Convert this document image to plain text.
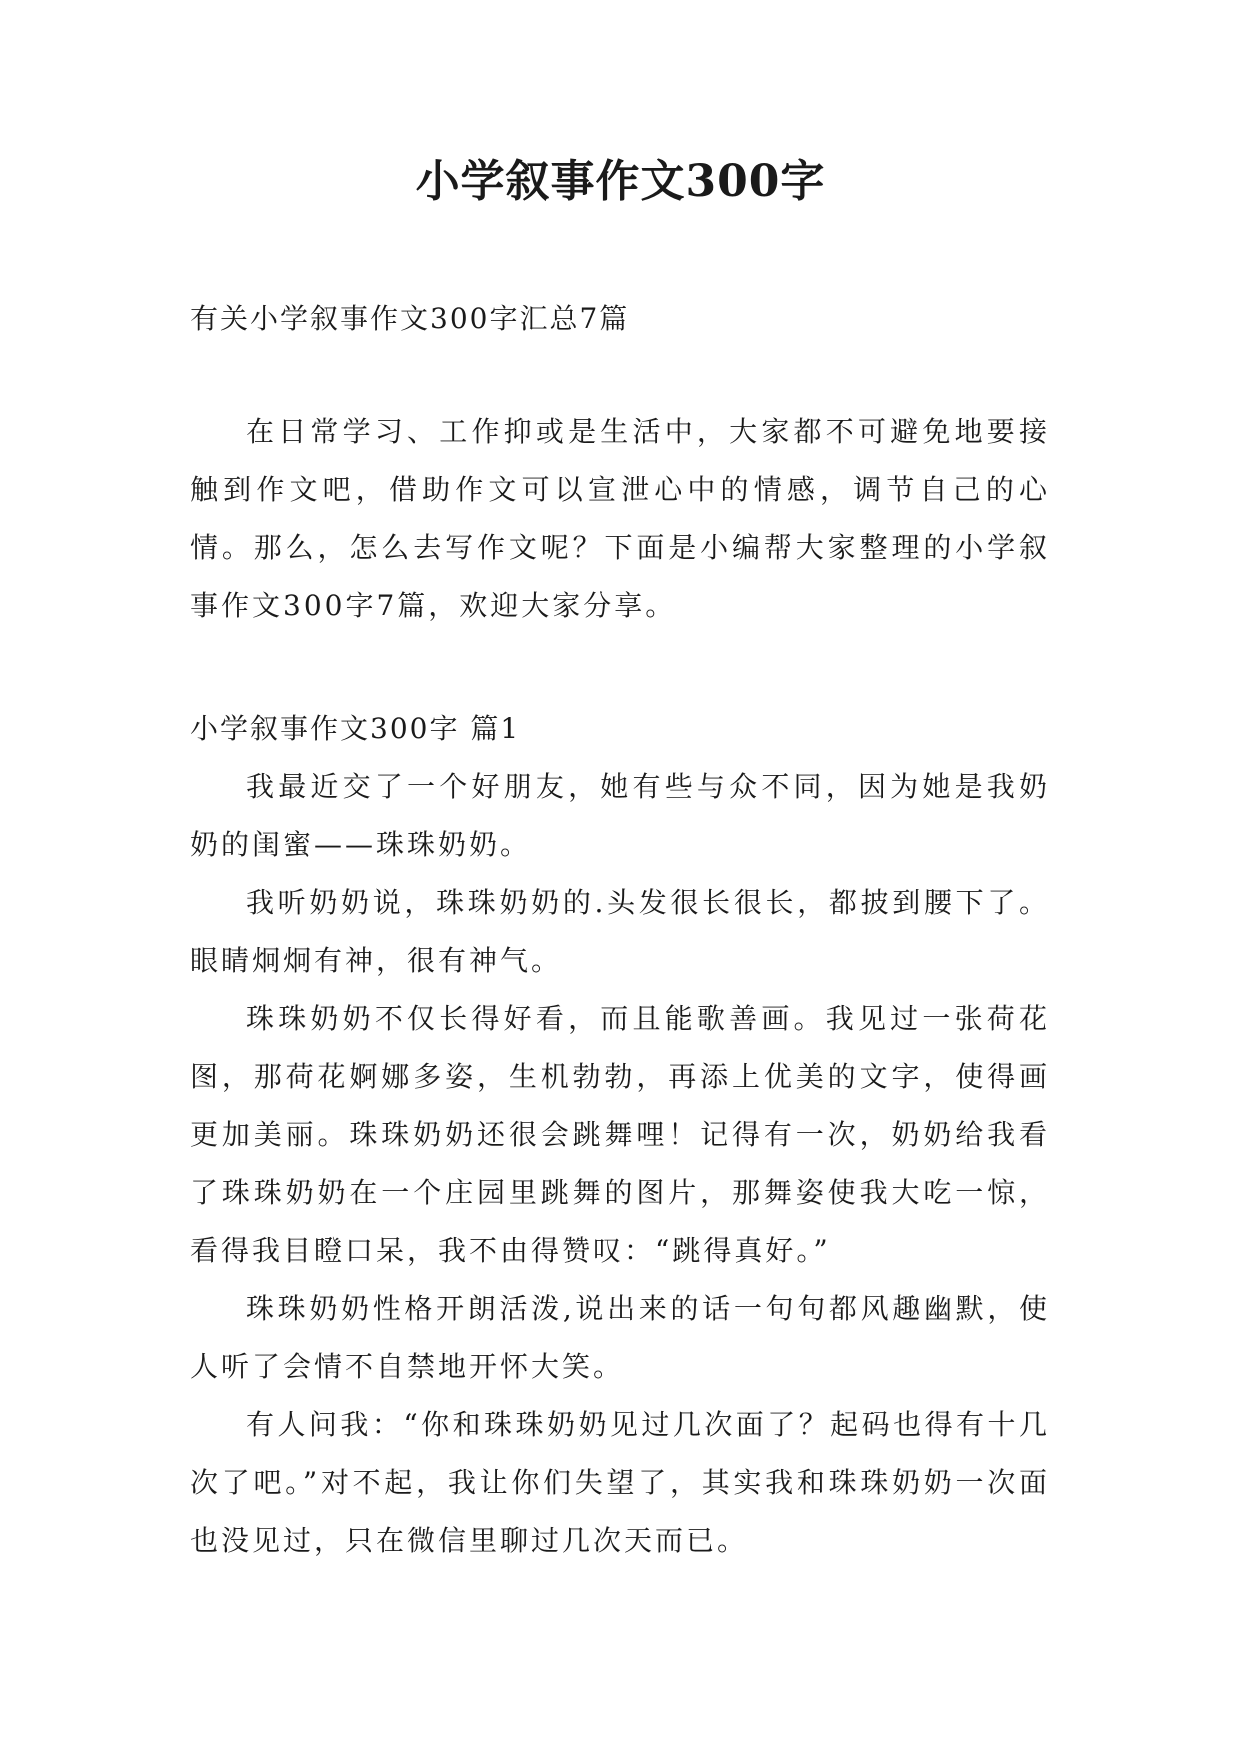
小学叙事作文300字
有关小学叙事作文300字汇总7篇

在日常学习、工作抑或是生活中，大家都不可避免地要接触到作文吧，借助作文可以宣泄心中的情感，调节自己的心情。那么，怎么去写作文呢？下面是小编帮大家整理的小学叙事作文300字7篇，欢迎大家分享。

小学叙事作文300字 篇1

我最近交了一个好朋友，她有些与众不同，因为她是我奶奶的闺蜜——珠珠奶奶。

我听奶奶说，珠珠奶奶的.头发很长很长，都披到腰下了。眼睛炯炯有神，很有神气。

珠珠奶奶不仅长得好看，而且能歌善画。我见过一张荷花图，那荷花婀娜多姿，生机勃勃，再添上优美的文字，使得画更加美丽。珠珠奶奶还很会跳舞哩！记得有一次，奶奶给我看了珠珠奶奶在一个庄园里跳舞的图片，那舞姿使我大吃一惊，看得我目瞪口呆，我不由得赞叹：“跳得真好。”

珠珠奶奶性格开朗活泼,说出来的话一句句都风趣幽默，使人听了会情不自禁地开怀大笑。

有人问我：“你和珠珠奶奶见过几次面了？起码也得有十几次了吧。”对不起，我让你们失望了，其实我和珠珠奶奶一次面也没见过，只在微信里聊过几次天而已。
